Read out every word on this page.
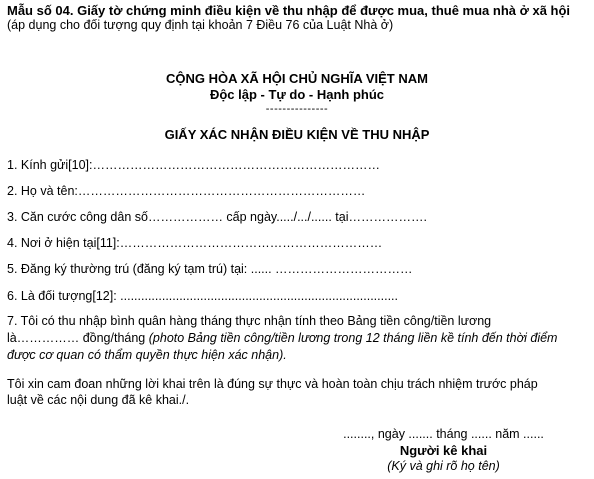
Mẫu số 04. Giấy tờ chứng minh điều kiện về thu nhập để được mua, thuê mua nhà ở xã hội
(áp dụng cho đối tượng quy định tại khoản 7 Điều 76 của Luật Nhà ở)
CỘNG HÒA XÃ HỘI CHỦ NGHĨA VIỆT NAM
Độc lập - Tự do - Hạnh phúc
---------------
GIẤY XÁC NHẬN ĐIỀU KIỆN VỀ THU NHẬP
1. Kính gửi[10]:……………………………………………………………
2. Họ và tên:……………………………………………………………
3. Căn cước công dân số……………… cấp ngày...../.../...... tại……………….
4. Nơi ở hiện tại[11]:………………………………………………………
5. Đăng ký thường trú (đăng ký tạm trú) tại: ...... ……………………………
6. Là đối tượng[12]: ................................................................................
7. Tôi có thu nhập bình quân hàng tháng thực nhận tính theo Bảng tiền công/tiền lương
là…………… đồng/tháng (photo Bảng tiền công/tiền lương trong 12 tháng liền kề tính đến thời điểm
được cơ quan có thẩm quyền thực hiện xác nhận).
Tôi xin cam đoan những lời khai trên là đúng sự thực và hoàn toàn chịu trách nhiệm trước pháp
luật về các nội dung đã kê khai./.
........, ngày ....... tháng ...... năm ......
Người kê khai
(Ký và ghi rõ họ tên)
